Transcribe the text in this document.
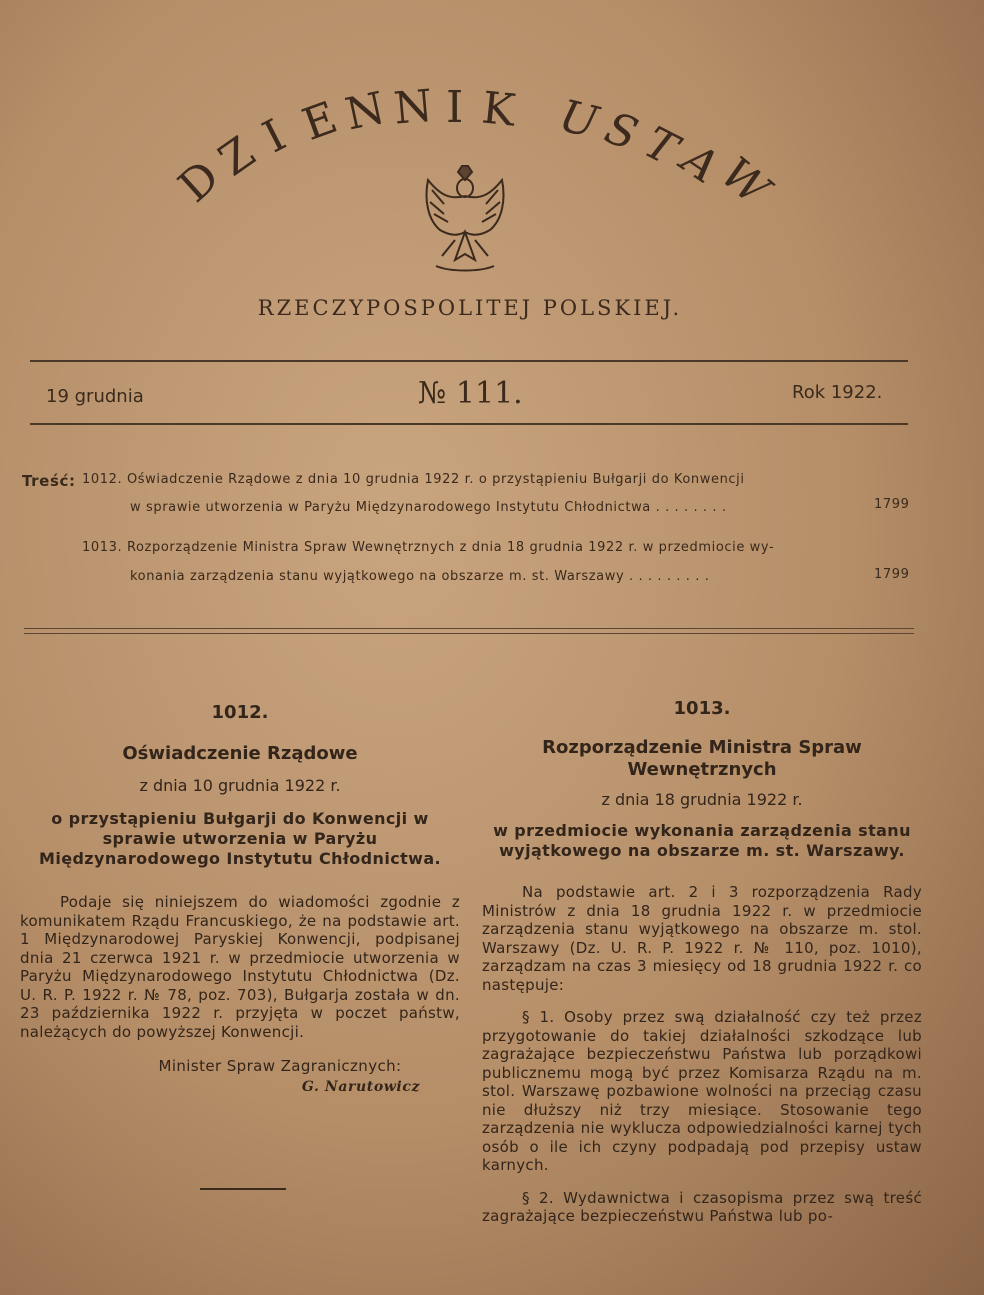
D
Z
I E
N N I K U
S
T
A
W
RZECZYPOSPOLITEJ POLSKIEJ.
19 grudnia	№ 111.	Rok 1922.
Treść: 1012. Oświadczenie Rządowe z dnia 10 grudnia 1922 r. o przystąpieniu Bułgarji do Konwencji
w sprawie utworzenia w Paryżu Międzynarodowego Instytutu Chłodnictwa . . . . . . . .	1799
1013. Rozporządzenie Ministra Spraw Wewnętrznych z dnia 18 grudnia 1922 r. w przedmiocie wy-
konania zarządzenia stanu wyjątkowego na obszarze m. st. Warszawy . . . . . . . . .	1799
1012.
Oświadczenie Rządowe
z dnia 10 grudnia 1922 r.
o przystąpieniu Bułgarji do Konwencji w sprawie utworzenia w Paryżu Międzynarodowego Instytutu Chłodnictwa.
Podaje się niniejszem do wiadomości zgodnie z komunikatem Rządu Francuskiego, że na podstawie art. 1 Międzynarodowej Paryskiej Konwencji, podpisanej dnia 21 czerwca 1921 r. w przedmiocie utworzenia w Paryżu Międzynarodowego Instytutu Chłodnictwa (Dz. U. R. P. 1922 r. № 78, poz. 703), Bułgarja została w dn. 23 października 1922 r. przyjęta w poczet państw, należących do powyższej Konwencji.
Minister Spraw Zagranicznych:
G. Narutowicz
1013.
Rozporządzenie Ministra Spraw Wewnętrznych
z dnia 18 grudnia 1922 r.
w przedmiocie wykonania zarządzenia stanu wyjątkowego na obszarze m. st. Warszawy.
Na podstawie art. 2 i 3 rozporządzenia Rady Ministrów z dnia 18 grudnia 1922 r. w przedmiocie zarządzenia stanu wyjątkowego na obszarze m. stol. Warszawy (Dz. U. R. P. 1922 r. № 110, poz. 1010), zarządzam na czas 3 miesięcy od 18 grudnia 1922 r. co następuje:
§ 1. Osoby przez swą działalność czy też przez przygotowanie do takiej działalności szkodzące lub zagrażające bezpieczeństwu Państwa lub porządkowi publicznemu mogą być przez Komisarza Rządu na m. stol. Warszawę pozbawione wolności na przeciąg czasu nie dłuższy niż trzy miesiące. Stosowanie tego zarządzenia nie wyklucza odpowiedzialności karnej tych osób o ile ich czyny podpadają pod przepisy ustaw karnych.
§ 2. Wydawnictwa i czasopisma przez swą treść zagrażające bezpieczeństwu Państwa lub po-
